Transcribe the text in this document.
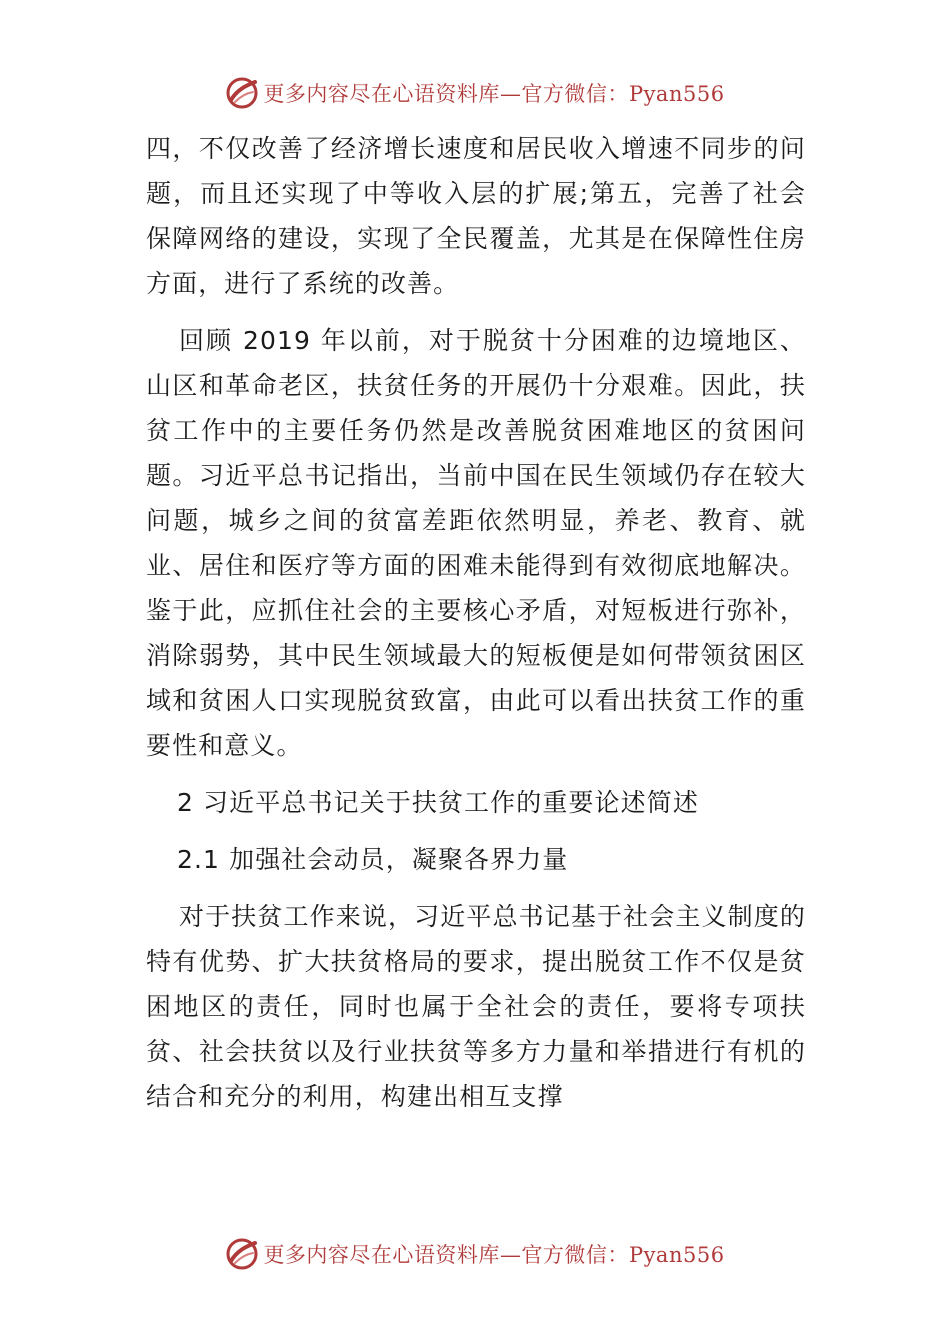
更多内容尽在心语资料库—官方微信：Pyan556

四，不仅改善了经济增长速度和居民收入增速不同步的问题，而且还实现了中等收入层的扩展;第五，完善了社会保障网络的建设，实现了全民覆盖，尤其是在保障性住房方面，进行了系统的改善。

回顾 2019 年以前，对于脱贫十分困难的边境地区、山区和革命老区，扶贫任务的开展仍十分艰难。因此，扶贫工作中的主要任务仍然是改善脱贫困难地区的贫困问题。习近平总书记指出，当前中国在民生领域仍存在较大问题，城乡之间的贫富差距依然明显，养老、教育、就业、居住和医疗等方面的困难未能得到有效彻底地解决。鉴于此，应抓住社会的主要核心矛盾，对短板进行弥补，消除弱势，其中民生领域最大的短板便是如何带领贫困区域和贫困人口实现脱贫致富，由此可以看出扶贫工作的重要性和意义。

2 习近平总书记关于扶贫工作的重要论述简述

2.1 加强社会动员，凝聚各界力量

对于扶贫工作来说，习近平总书记基于社会主义制度的特有优势、扩大扶贫格局的要求，提出脱贫工作不仅是贫困地区的责任，同时也属于全社会的责任，要将专项扶贫、社会扶贫以及行业扶贫等多方力量和举措进行有机的结合和充分的利用，构建出相互支撑

更多内容尽在心语资料库—官方微信：Pyan556
